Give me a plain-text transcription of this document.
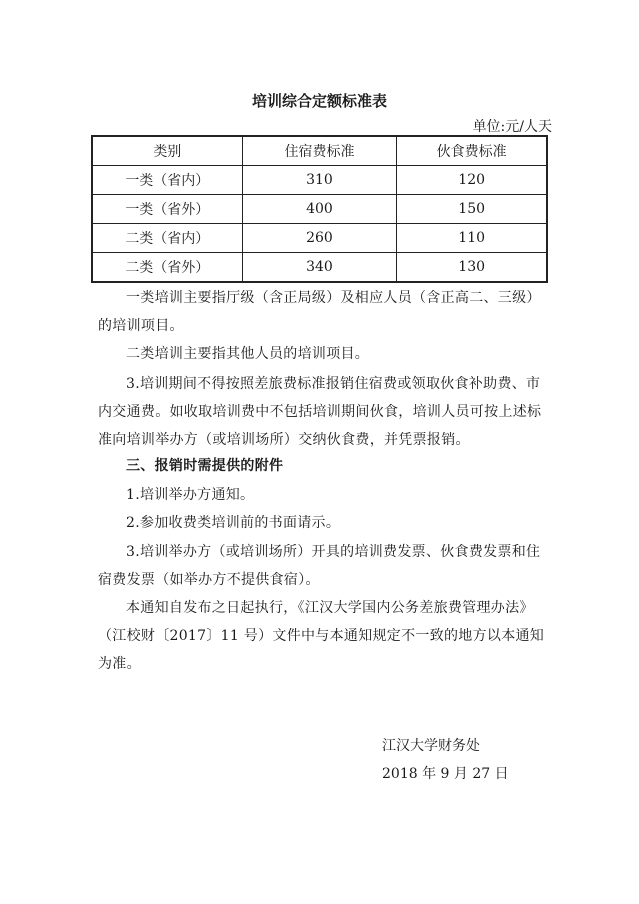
培训综合定额标准表
单位:元/人天
类别	住宿费标准	伙食费标准
一类（省内）	310	120
一类（省外）	400	150
二类（省内）	260	110
二类（省外）	340	130
一类培训主要指厅级（含正局级）及相应人员（含正高二、三级）的培训项目。
二类培训主要指其他人员的培训项目。
3.培训期间不得按照差旅费标准报销住宿费或领取伙食补助费、市内交通费。如收取培训费中不包括培训期间伙食，培训人员可按上述标准向培训举办方（或培训场所）交纳伙食费，并凭票报销。
三、报销时需提供的附件
1.培训举办方通知。
2.参加收费类培训前的书面请示。
3.培训举办方（或培训场所）开具的培训费发票、伙食费发票和住宿费发票（如举办方不提供食宿）。
本通知自发布之日起执行，《江汉大学国内公务差旅费管理办法》（江校财〔2017〕11 号）文件中与本通知规定不一致的地方以本通知为准。
江汉大学财务处
2018 年 9 月 27 日
